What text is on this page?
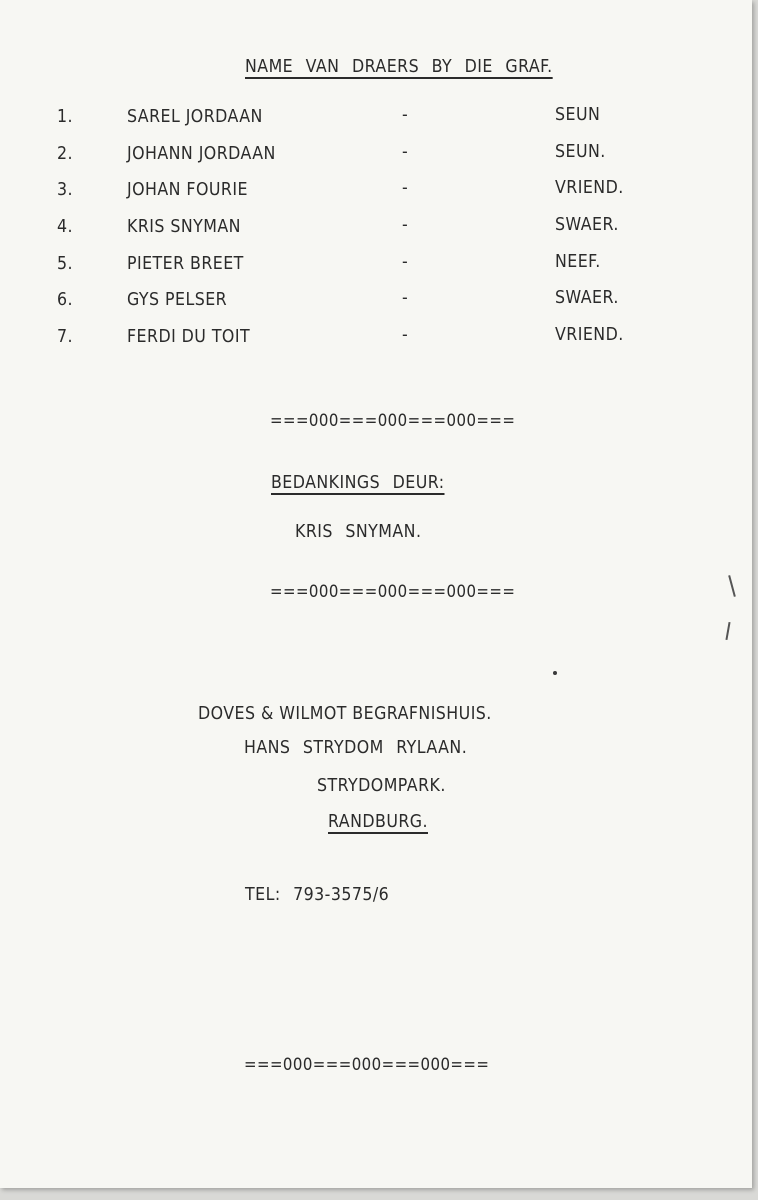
NAME VAN DRAERS BY DIE GRAF.
1.	SAREL JORDAAN	-	SEUN
2.	JOHANN JORDAAN	-	SEUN.
3.	JOHAN FOURIE	-	VRIEND.
4.	KRIS SNYMAN	-	SWAER.
5.	PIETER BREET	-	NEEF.
6.	GYS PELSER	-	SWAER.
7.	FERDI DU TOIT	-	VRIEND.
===000===000===000===
BEDANKINGS DEUR:
KRIS SNYMAN.
===000===000===000===
DOVES & WILMOT BEGRAFNISHUIS.
HANS STRYDOM RYLAAN.
STRYDOMPARK.
RANDBURG.
TEL: 793-3575/6
===000===000===000===
